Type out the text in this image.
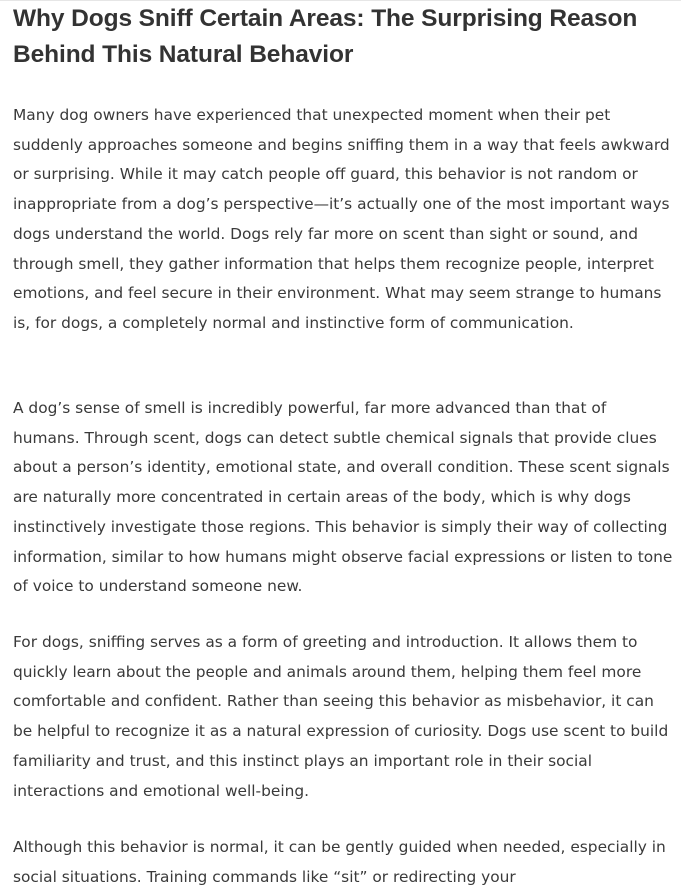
Why Dogs Sniff Certain Areas: The Surprising Reason Behind This Natural Behavior

Many dog owners have experienced that unexpected moment when their pet suddenly approaches someone and begins sniffing them in a way that feels awkward or surprising. While it may catch people off guard, this behavior is not random or inappropriate from a dog’s perspective—it’s actually one of the most important ways dogs understand the world. Dogs rely far more on scent than sight or sound, and through smell, they gather information that helps them recognize people, interpret emotions, and feel secure in their environment. What may seem strange to humans is, for dogs, a completely normal and instinctive form of communication.

A dog’s sense of smell is incredibly powerful, far more advanced than that of humans. Through scent, dogs can detect subtle chemical signals that provide clues about a person’s identity, emotional state, and overall condition. These scent signals are naturally more concentrated in certain areas of the body, which is why dogs instinctively investigate those regions. This behavior is simply their way of collecting information, similar to how humans might observe facial expressions or listen to tone of voice to understand someone new.

For dogs, sniffing serves as a form of greeting and introduction. It allows them to quickly learn about the people and animals around them, helping them feel more comfortable and confident. Rather than seeing this behavior as misbehavior, it can be helpful to recognize it as a natural expression of curiosity. Dogs use scent to build familiarity and trust, and this instinct plays an important role in their social interactions and emotional well-being.

Although this behavior is normal, it can be gently guided when needed, especially in social situations. Training commands like “sit” or redirecting your
